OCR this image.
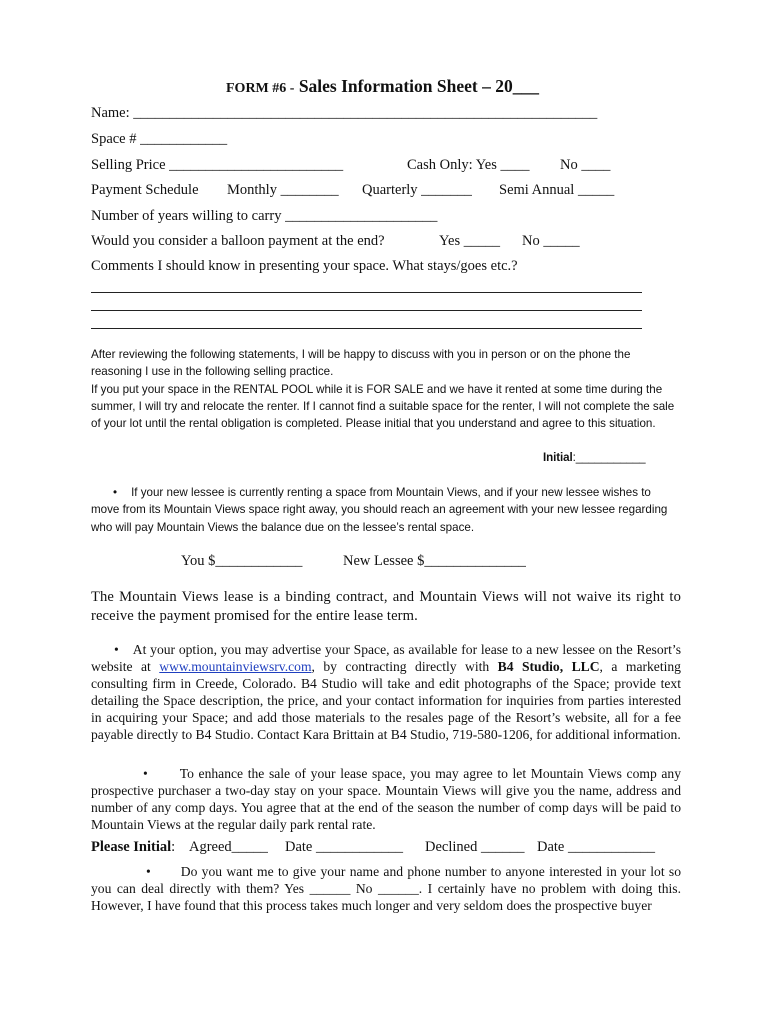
FORM #6 - Sales Information Sheet – 20___
Name: ________________________________________________________________
Space # ____________
Selling Price ________________________	Cash Only: Yes ____ No ____
Payment Schedule Monthly ________ Quarterly _______ Semi Annual _____
Number of years willing to carry _____________________
Would you consider a balloon payment at the end?	Yes _____ No _____
Comments I should know in presenting your space. What stays/goes etc.?
After reviewing the following statements, I will be happy to discuss with you in person or on the phone the reasoning I use in the following selling practice.
If you put your space in the RENTAL POOL while it is FOR SALE and we have it rented at some time during the summer, I will try and relocate the renter. If I cannot find a suitable space for the renter, I will not complete the sale of your lot until the rental obligation is completed. Please initial that you understand and agree to this situation.
Initial:___________
• If your new lessee is currently renting a space from Mountain Views, and if your new lessee wishes to move from its Mountain Views space right away, you should reach an agreement with your new lessee regarding who will pay Mountain Views the balance due on the lessee’s rental space.
You $____________	New Lessee $______________
The Mountain Views lease is a binding contract, and Mountain Views will not waive its right to receive the payment promised for the entire lease term.
• At your option, you may advertise your Space, as available for lease to a new lessee on the Resort’s website at www.mountainviewsrv.com, by contracting directly with B4 Studio, LLC, a marketing consulting firm in Creede, Colorado. B4 Studio will take and edit photographs of the Space; provide text detailing the Space description, the price, and your contact information for inquiries from parties interested in acquiring your Space; and add those materials to the resales page of the Resort’s website, all for a fee payable directly to B4 Studio. Contact Kara Brittain at B4 Studio, 719-580-1206, for additional information.
• To enhance the sale of your lease space, you may agree to let Mountain Views comp any prospective purchaser a two-day stay on your space. Mountain Views will give you the name, address and number of any comp days. You agree that at the end of the season the number of comp days will be paid to Mountain Views at the regular daily park rental rate.
Please Initial: Agreed_____ Date ____________ Declined ______ Date ____________
• Do you want me to give your name and phone number to anyone interested in your lot so you can deal directly with them? Yes ______ No ______. I certainly have no problem with doing this. However, I have found that this process takes much longer and very seldom does the prospective buyer
